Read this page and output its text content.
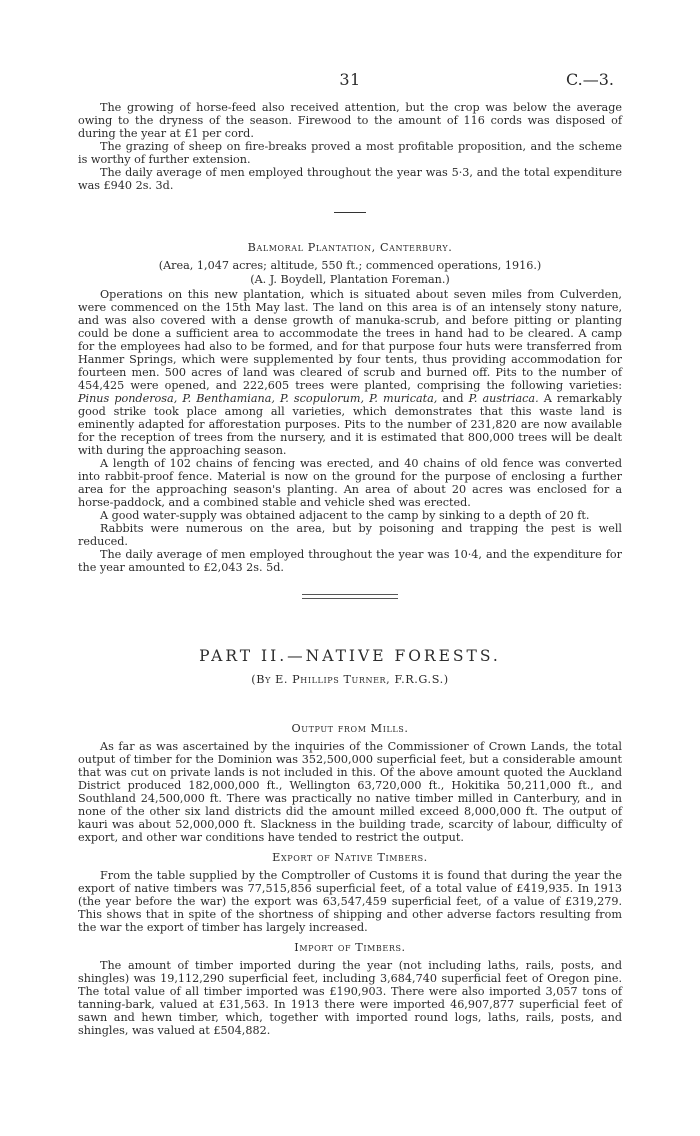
31	C.—3.

The growing of horse-feed also received attention, but the crop was below the average owing to the dryness of the season. Firewood to the amount of 116 cords was disposed of during the year at £1 per cord.

The grazing of sheep on fire-breaks proved a most profitable proposition, and the scheme is worthy of further extension.

The daily average of men employed throughout the year was 5·3, and the total expenditure was £940 2s. 3d.

Balmoral Plantation, Canterbury.

(Area, 1,047 acres; altitude, 550 ft.; commenced operations, 1916.)

(A. J. Boydell, Plantation Foreman.)

Operations on this new plantation, which is situated about seven miles from Culverden, were commenced on the 15th May last. The land on this area is of an intensely stony nature, and was also covered with a dense growth of manuka-scrub, and before pitting or planting could be done a sufficient area to accommodate the trees in hand had to be cleared. A camp for the employees had also to be formed, and for that purpose four huts were transferred from Hanmer Springs, which were supplemented by four tents, thus providing accommodation for fourteen men. 500 acres of land was cleared of scrub and burned off. Pits to the number of 454,425 were opened, and 222,605 trees were planted, comprising the following varieties: Pinus ponderosa, P. Benthamiana, P. scopulorum, P. muricata, and P. austriaca. A remarkably good strike took place among all varieties, which demonstrates that this waste land is eminently adapted for afforestation purposes. Pits to the number of 231,820 are now available for the reception of trees from the nursery, and it is estimated that 800,000 trees will be dealt with during the approaching season.

A length of 102 chains of fencing was erected, and 40 chains of old fence was converted into rabbit-proof fence. Material is now on the ground for the purpose of enclosing a further area for the approaching season's planting. An area of about 20 acres was enclosed for a horse-paddock, and a combined stable and vehicle shed was erected.

A good water-supply was obtained adjacent to the camp by sinking to a depth of 20 ft.

Rabbits were numerous on the area, but by poisoning and trapping the pest is well reduced.

The daily average of men employed throughout the year was 10·4, and the expenditure for the year amounted to £2,043 2s. 5d.

PART II.—NATIVE FORESTS.

(By E. Phillips Turner, F.R.G.S.)

Output from Mills.

As far as was ascertained by the inquiries of the Commissioner of Crown Lands, the total output of timber for the Dominion was 352,500,000 superficial feet, but a considerable amount that was cut on private lands is not included in this. Of the above amount quoted the Auckland District produced 182,000,000 ft., Wellington 63,720,000 ft., Hokitika 50,211,000 ft., and Southland 24,500,000 ft. There was practically no native timber milled in Canterbury, and in none of the other six land districts did the amount milled exceed 8,000,000 ft. The output of kauri was about 52,000,000 ft. Slackness in the building trade, scarcity of labour, difficulty of export, and other war conditions have tended to restrict the output.

Export of Native Timbers.

From the table supplied by the Comptroller of Customs it is found that during the year the export of native timbers was 77,515,856 superficial feet, of a total value of £419,935. In 1913 (the year before the war) the export was 63,547,459 superficial feet, of a value of £319,279. This shows that in spite of the shortness of shipping and other adverse factors resulting from the war the export of timber has largely increased.

Import of Timbers.

The amount of timber imported during the year (not including laths, rails, posts, and shingles) was 19,112,290 superficial feet, including 3,684,740 superficial feet of Oregon pine. The total value of all timber imported was £190,903. There were also imported 3,057 tons of tanning-bark, valued at £31,563. In 1913 there were imported 46,907,877 superficial feet of sawn and hewn timber, which, together with imported round logs, laths, rails, posts, and shingles, was valued at £504,882.
